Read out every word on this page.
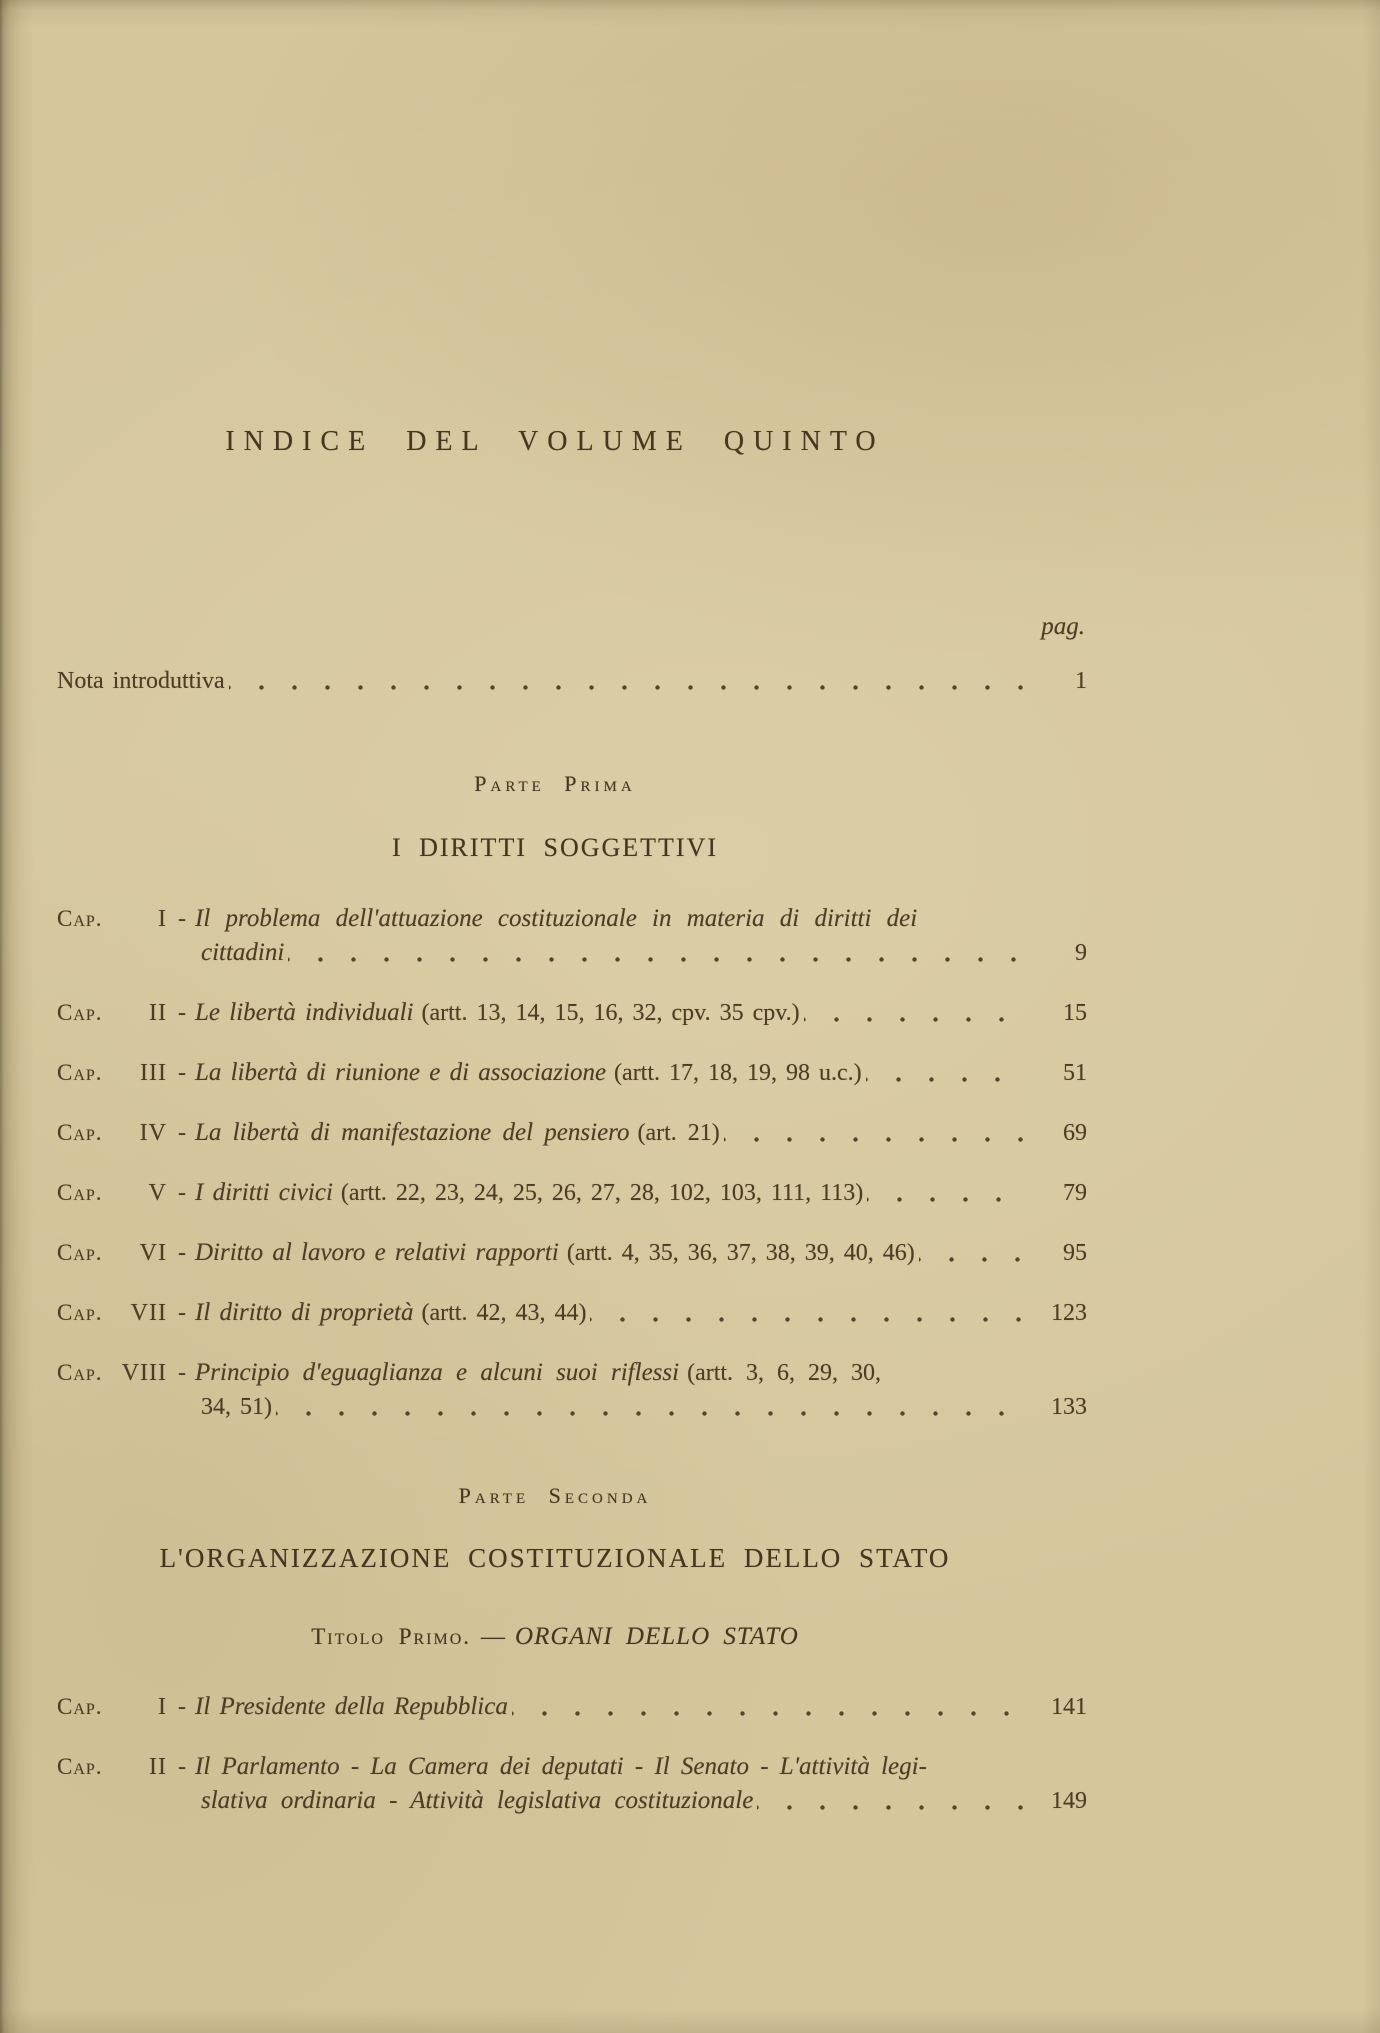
INDICE DEL VOLUME QUINTO
pag.
Nota introduttiva	1
Parte Prima
I DIRITTI SOGGETTIVI
Cap.	I - Il problema dell'attuazione costituzionale in materia di diritti dei
cittadini	9
Cap.	II - Le libertà individuali (artt. 13, 14, 15, 16, 32, cpv. 35 cpv.)	15
Cap.	III - La libertà di riunione e di associazione (artt. 17, 18, 19, 98 u.c.)	51
Cap.	IV - La libertà di manifestazione del pensiero (art. 21)	69
Cap.	V - I diritti civici (artt. 22, 23, 24, 25, 26, 27, 28, 102, 103, 111, 113)	79
Cap.	VI - Diritto al lavoro e relativi rapporti (artt. 4, 35, 36, 37, 38, 39, 40, 46)	95
Cap.	VII - Il diritto di proprietà (artt. 42, 43, 44)	123
Cap. VIII - Principio d'eguaglianza e alcuni suoi riflessi (artt. 3, 6, 29, 30,
34, 51)	133
Parte Seconda
L'ORGANIZZAZIONE COSTITUZIONALE DELLO STATO
Titolo Primo. — ORGANI DELLO STATO
Cap.	I - Il Presidente della Repubblica	141
Cap.	II - Il Parlamento - La Camera dei deputati - Il Senato - L'attività legi-
slativa ordinaria - Attività legislativa costituzionale	149
